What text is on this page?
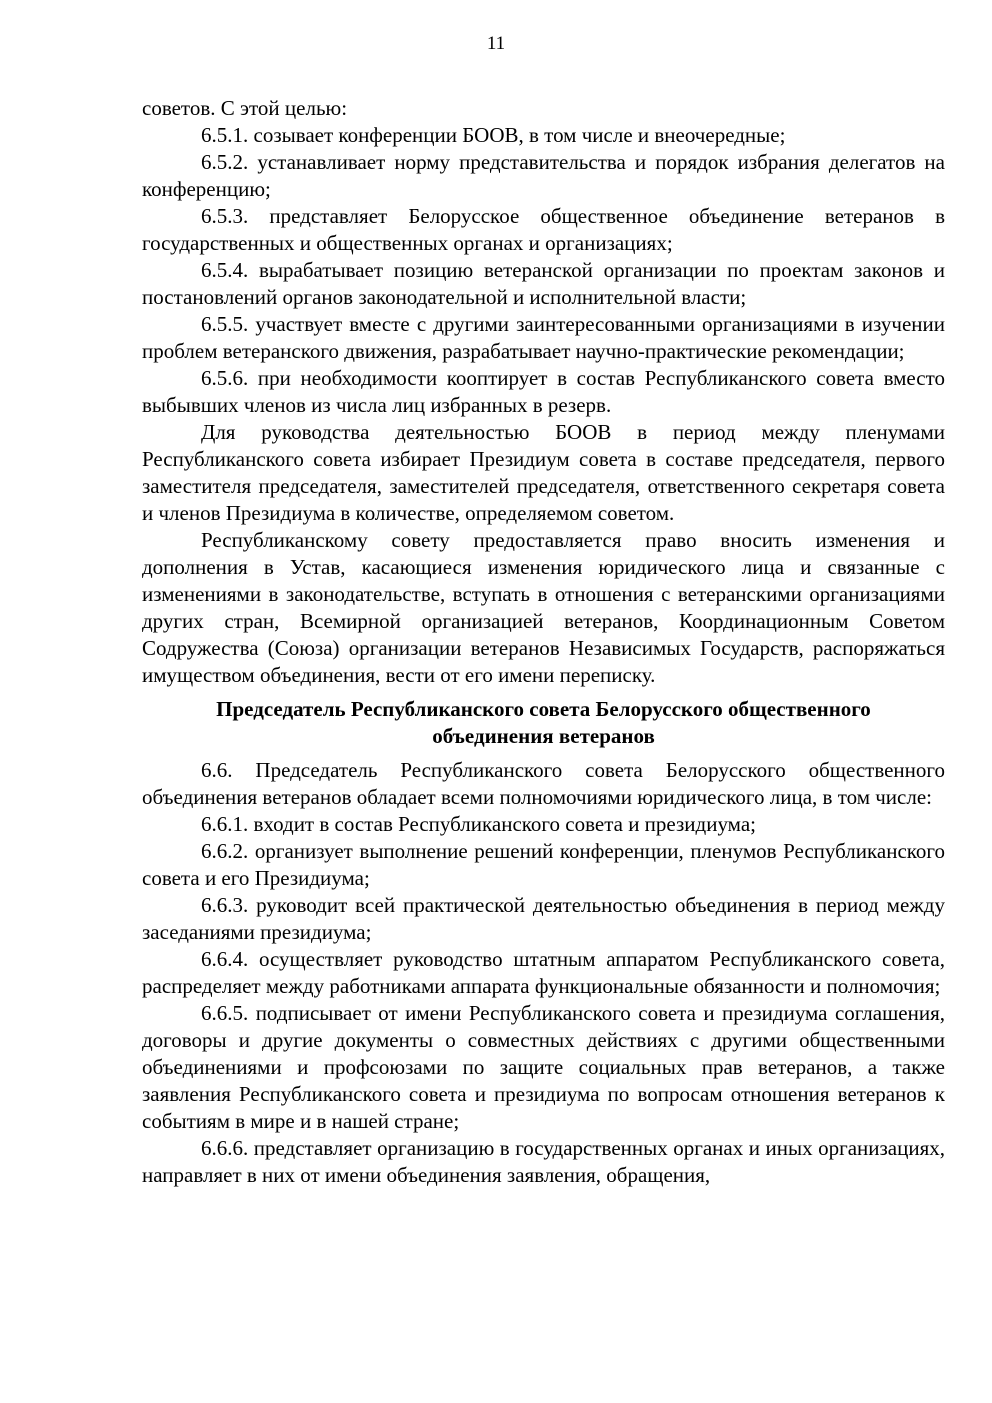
11

советов. С этой целью:

6.5.1. созывает конференции БООВ, в том числе и внеочередные;

6.5.2. устанавливает норму представительства и порядок избрания делегатов на конференцию;

6.5.3. представляет Белорусское общественное объединение ветеранов в государственных и общественных органах и организациях;

6.5.4. вырабатывает позицию ветеранской организации по проектам законов и постановлений органов законодательной и исполнительной власти;

6.5.5. участвует вместе с другими заинтересованными организациями в изучении проблем ветеранского движения, разрабатывает научно-практические рекомендации;

6.5.6. при необходимости кооптирует в состав Республиканского совета вместо выбывших членов из числа лиц избранных в резерв.

Для руководства деятельностью БООВ в период между пленумами Республиканского совета избирает Президиум совета в составе председателя, первого заместителя председателя, заместителей председателя, ответственного секретаря совета и членов Президиума в количестве, определяемом советом.

Республиканскому совету предоставляется право вносить изменения и дополнения в Устав, касающиеся изменения юридического лица и связанные с изменениями в законодательстве, вступать в отношения с ветеранскими организациями других стран, Всемирной организацией ветеранов, Координационным Советом Содружества (Союза) организации ветеранов Независимых Государств, распоряжаться имуществом объединения, вести от его имени переписку.

Председатель Республиканского совета Белорусского общественного
объединения ветеранов

6.6. Председатель Республиканского совета Белорусского общественного объединения ветеранов обладает всеми полномочиями юридического лица, в том числе:

6.6.1. входит в состав Республиканского совета и президиума;

6.6.2. организует выполнение решений конференции, пленумов Республиканского совета и его Президиума;

6.6.3. руководит всей практической деятельностью объединения в период между заседаниями президиума;

6.6.4. осуществляет руководство штатным аппаратом Республиканского совета, распределяет между работниками аппарата функциональные обязанности и полномочия;

6.6.5. подписывает от имени Республиканского совета и президиума соглашения, договоры и другие документы о совместных действиях с другими общественными объединениями и профсоюзами по защите социальных прав ветеранов, а также заявления Республиканского совета и президиума по вопросам отношения ветеранов к событиям в мире и в нашей стране;

6.6.6. представляет организацию в государственных органах и иных организациях, направляет в них от имени объединения заявления, обращения,
